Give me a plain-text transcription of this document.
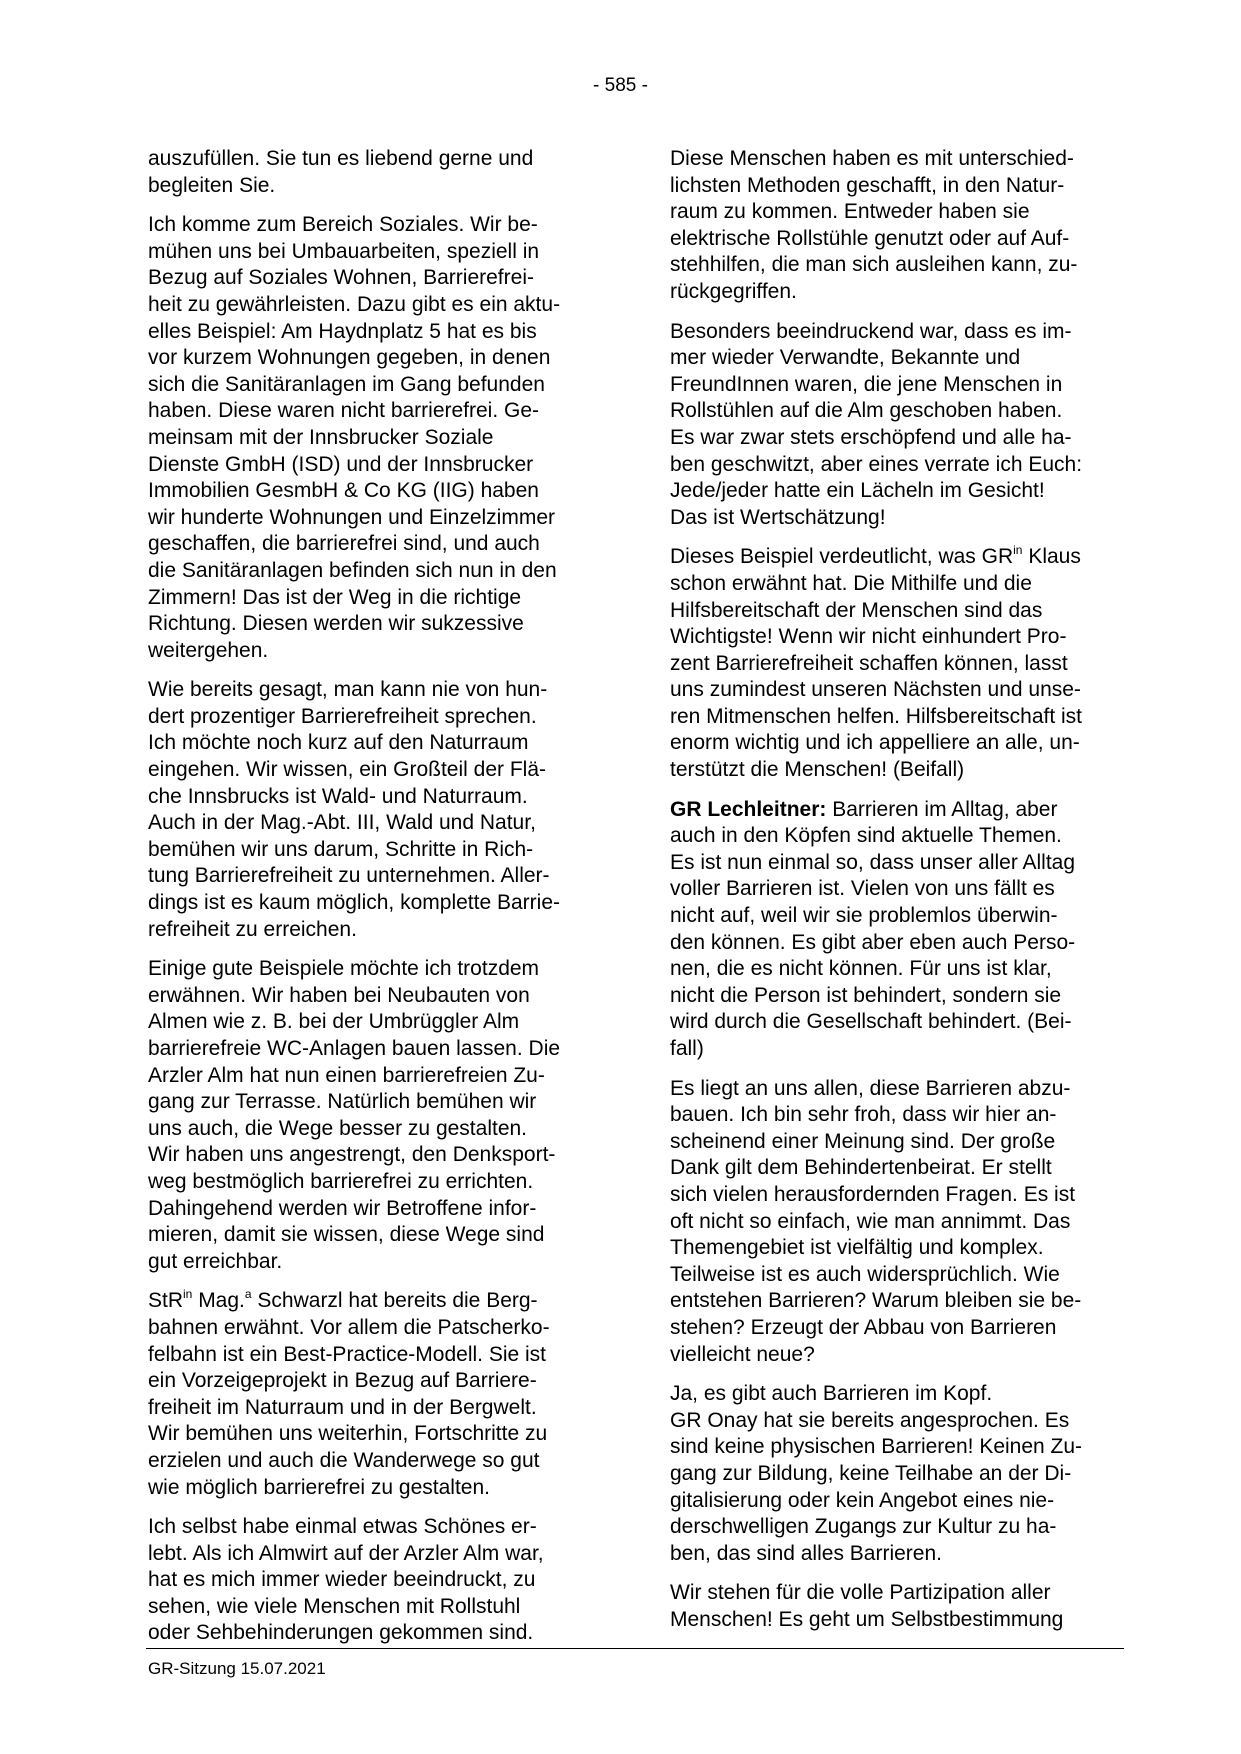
- 585 -

auszufüllen. Sie tun es liebend gerne und
begleiten Sie.

Ich komme zum Bereich Soziales. Wir be-
mühen uns bei Umbauarbeiten, speziell in
Bezug auf Soziales Wohnen, Barrierefrei-
heit zu gewährleisten. Dazu gibt es ein aktu-
elles Beispiel: Am Haydnplatz 5 hat es bis
vor kurzem Wohnungen gegeben, in denen
sich die Sanitäranlagen im Gang befunden
haben. Diese waren nicht barrierefrei. Ge-
meinsam mit der Innsbrucker Soziale
Dienste GmbH (ISD) und der Innsbrucker
Immobilien GesmbH & Co KG (IIG) haben
wir hunderte Wohnungen und Einzelzimmer
geschaffen, die barrierefrei sind, und auch
die Sanitäranlagen befinden sich nun in den
Zimmern! Das ist der Weg in die richtige
Richtung. Diesen werden wir sukzessive
weitergehen.

Wie bereits gesagt, man kann nie von hun-
dert prozentiger Barrierefreiheit sprechen.
Ich möchte noch kurz auf den Naturraum
eingehen. Wir wissen, ein Großteil der Flä-
che Innsbrucks ist Wald- und Naturraum.
Auch in der Mag.-Abt. III, Wald und Natur,
bemühen wir uns darum, Schritte in Rich-
tung Barrierefreiheit zu unternehmen. Aller-
dings ist es kaum möglich, komplette Barrie-
refreiheit zu erreichen.

Einige gute Beispiele möchte ich trotzdem
erwähnen. Wir haben bei Neubauten von
Almen wie z. B. bei der Umbrüggler Alm
barrierefreie WC-Anlagen bauen lassen. Die
Arzler Alm hat nun einen barrierefreien Zu-
gang zur Terrasse. Natürlich bemühen wir
uns auch, die Wege besser zu gestalten.
Wir haben uns angestrengt, den Denksport-
weg bestmöglich barrierefrei zu errichten.
Dahingehend werden wir Betroffene infor-
mieren, damit sie wissen, diese Wege sind
gut erreichbar.

StR$^{in}$ Mag.$^a$ Schwarzl hat bereits die Berg-
bahnen erwähnt. Vor allem die Patscherko-
felbahn ist ein Best-Practice-Modell. Sie ist
ein Vorzeigeprojekt in Bezug auf Barriere-
freiheit im Naturraum und in der Bergwelt.
Wir bemühen uns weiterhin, Fortschritte zu
erzielen und auch die Wanderwege so gut
wie möglich barrierefrei zu gestalten.

Ich selbst habe einmal etwas Schönes er-
lebt. Als ich Almwirt auf der Arzler Alm war,
hat es mich immer wieder beeindruckt, zu
sehen, wie viele Menschen mit Rollstuhl
oder Sehbehinderungen gekommen sind.

Diese Menschen haben es mit unterschied-
lichsten Methoden geschafft, in den Natur-
raum zu kommen. Entweder haben sie
elektrische Rollstühle genutzt oder auf Auf-
stehhilfen, die man sich ausleihen kann, zu-
rückgegriffen.

Besonders beeindruckend war, dass es im-
mer wieder Verwandte, Bekannte und
FreundInnen waren, die jene Menschen in
Rollstühlen auf die Alm geschoben haben.
Es war zwar stets erschöpfend und alle ha-
ben geschwitzt, aber eines verrate ich Euch:
Jede/jeder hatte ein Lächeln im Gesicht!
Das ist Wertschätzung!

Dieses Beispiel verdeutlicht, was $GR^{in}$ Klaus
schon erwähnt hat. Die Mithilfe und die
Hilfsbereitschaft der Menschen sind das
Wichtigste! Wenn wir nicht einhundert Pro-
zent Barrierefreiheit schaffen können, lasst
uns zumindest unseren Nächsten und unse-
ren Mitmenschen helfen. Hilfsbereitschaft ist
enorm wichtig und ich appelliere an alle, un-
terstützt die Menschen! (Beifall)

GR Lechleitner: Barrieren im Alltag, aber
auch in den Köpfen sind aktuelle Themen.
Es ist nun einmal so, dass unser aller Alltag
voller Barrieren ist. Vielen von uns fällt es
nicht auf, weil wir sie problemlos überwin-
den können. Es gibt aber eben auch Perso-
nen, die es nicht können. Für uns ist klar,
nicht die Person ist behindert, sondern sie
wird durch die Gesellschaft behindert. (Bei-
fall)

Es liegt an uns allen, diese Barrieren abzu-
bauen. Ich bin sehr froh, dass wir hier an-
scheinend einer Meinung sind. Der große
Dank gilt dem Behindertenbeirat. Er stellt
sich vielen herausfordernden Fragen. Es ist
oft nicht so einfach, wie man annimmt. Das
Themengebiet ist vielfältig und komplex.
Teilweise ist es auch widersprüchlich. Wie
entstehen Barrieren? Warum bleiben sie be-
stehen? Erzeugt der Abbau von Barrieren
vielleicht neue?

Ja, es gibt auch Barrieren im Kopf.
GR Onay hat sie bereits angesprochen. Es
sind keine physischen Barrieren! Keinen Zu-
gang zur Bildung, keine Teilhabe an der Di-
gitalisierung oder kein Angebot eines nie-
derschwelligen Zugangs zur Kultur zu ha-
ben, das sind alles Barrieren.

Wir stehen für die volle Partizipation aller
Menschen! Es geht um Selbstbestimmung

GR-Sitzung 15.07.2021
